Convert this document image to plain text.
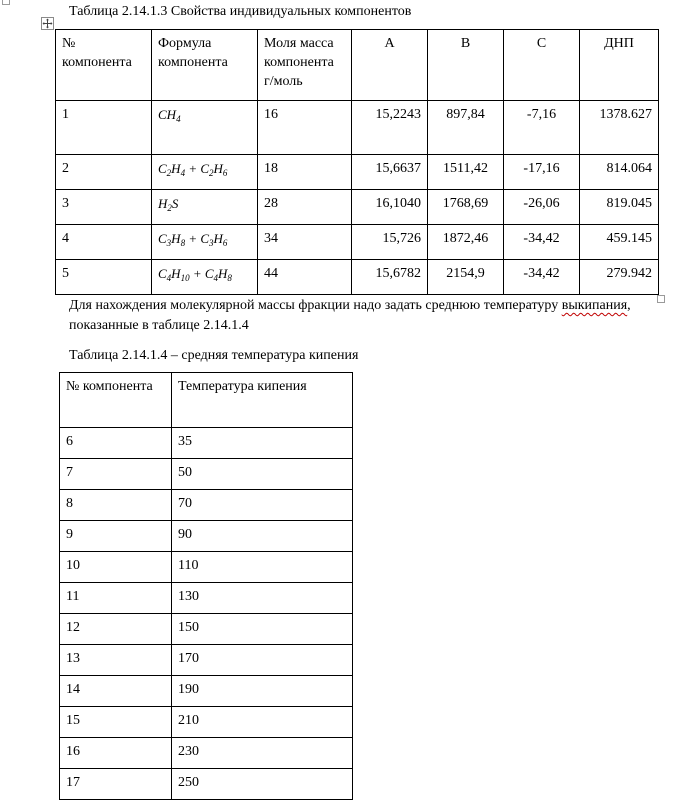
Таблица 2.14.1.3 Свойства индивидуальных компонентов
№ компонента	Формула компонента	Моля масса компонента г/моль	A	B	C	ДНП
1	$CH_4$	16	15,2243	897,84	-7,16	1378.627
2	$C_2H_4 + C_2H_6$	18	15,6637	1511,42	-17,16	814.064
3	$H_2S$	28	16,1040	1768,69	-26,06	819.045
4	$C_3H_8 + C_3H_6$	34	15,726	1872,46	-34,42	459.145
5	$C_4H_{10} + C_4H_8$	44	15,6782	2154,9	-34,42	279.942
Для нахождения молекулярной массы фракции надо задать среднюю температуру выкипания, показанные в таблице 2.14.1.4
Таблица 2.14.1.4 – средняя температура кипения
№ компонента	Температура кипения
6	35
7	50
8	70
9	90
10	110
11	130
12	150
13	170
14	190
15	210
16	230
17	250
